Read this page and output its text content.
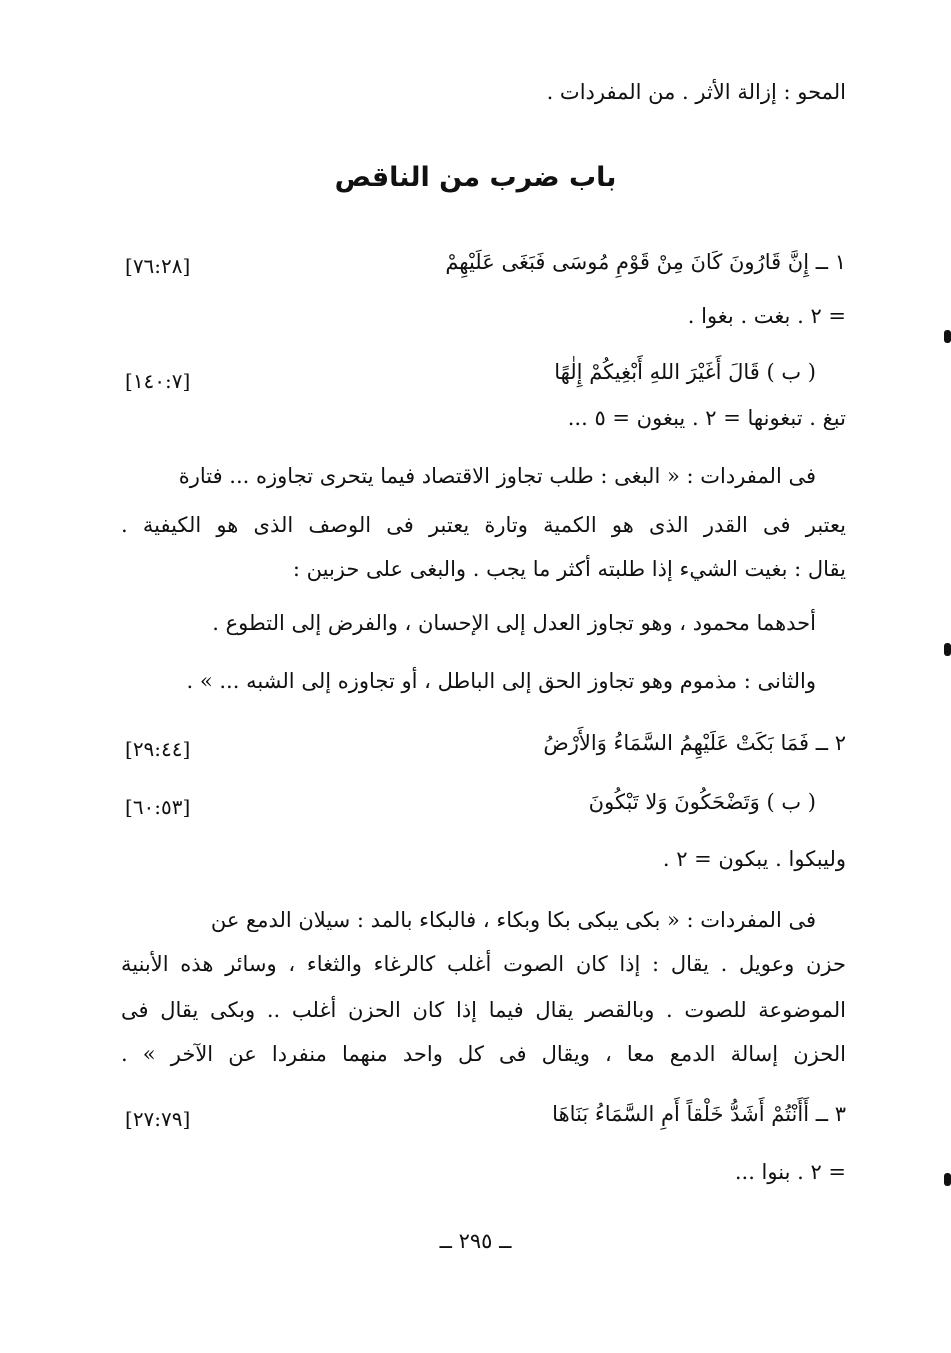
المحو : إزالة الأثر . من المفردات .
باب ضرب من الناقص
١ ــ إِنَّ قَارُونَ كَانَ مِنْ قَوْمِ مُوسَى فَبَغَى عَلَيْهِمْ
[٧٦:٢٨]
= ٢ . بغت . بغوا .
( ب ) قَالَ أَغَيْرَ اللهِ أَبْغِيكُمْ إِلٰهًا
[١٤٠:٧]
تبغ . تبغونها = ٢ . يبغون = ٥ ...
فى المفردات : « البغى : طلب تجاوز الاقتصاد فيما يتحرى تجاوزه ... فتارة
يعتبر فى القدر الذى هو الكمية وتارة يعتبر فى الوصف الذى هو الكيفية .
يقال : بغيت الشيء إذا طلبته أكثر ما يجب . والبغى على حزبين :
أحدهما محمود ، وهو تجاوز العدل إلى الإحسان ، والفرض إلى التطوع .
والثانى : مذموم وهو تجاوز الحق إلى الباطل ، أو تجاوزه إلى الشبه ... » .
٢ ــ فَمَا بَكَتْ عَلَيْهِمُ السَّمَاءُ وَالأَرْضُ
[٢٩:٤٤]
( ب ) وَتَضْحَكُونَ وَلا تَبْكُونَ
[٦٠:٥٣]
وليبكوا . يبكون = ٢ .
فى المفردات : « بكى يبكى بكا وبكاء ، فالبكاء بالمد : سيلان الدمع عن
حزن وعويل . يقال : إذا كان الصوت أغلب كالرغاء والثغاء ، وسائر هذه الأبنية
الموضوعة للصوت . وبالقصر يقال فيما إذا كان الحزن أغلب .. وبكى يقال فى
الحزن إسالة الدمع معا ، ويقال فى كل واحد منهما منفردا عن الآخر » .
٣ ــ أَأَنْتُمْ أَشَدُّ خَلْقاً أَمِ السَّمَاءُ بَنَاهَا
[٢٧:٧٩]
= ٢ . بنوا ...
ــ ٢٩٥ ــ
